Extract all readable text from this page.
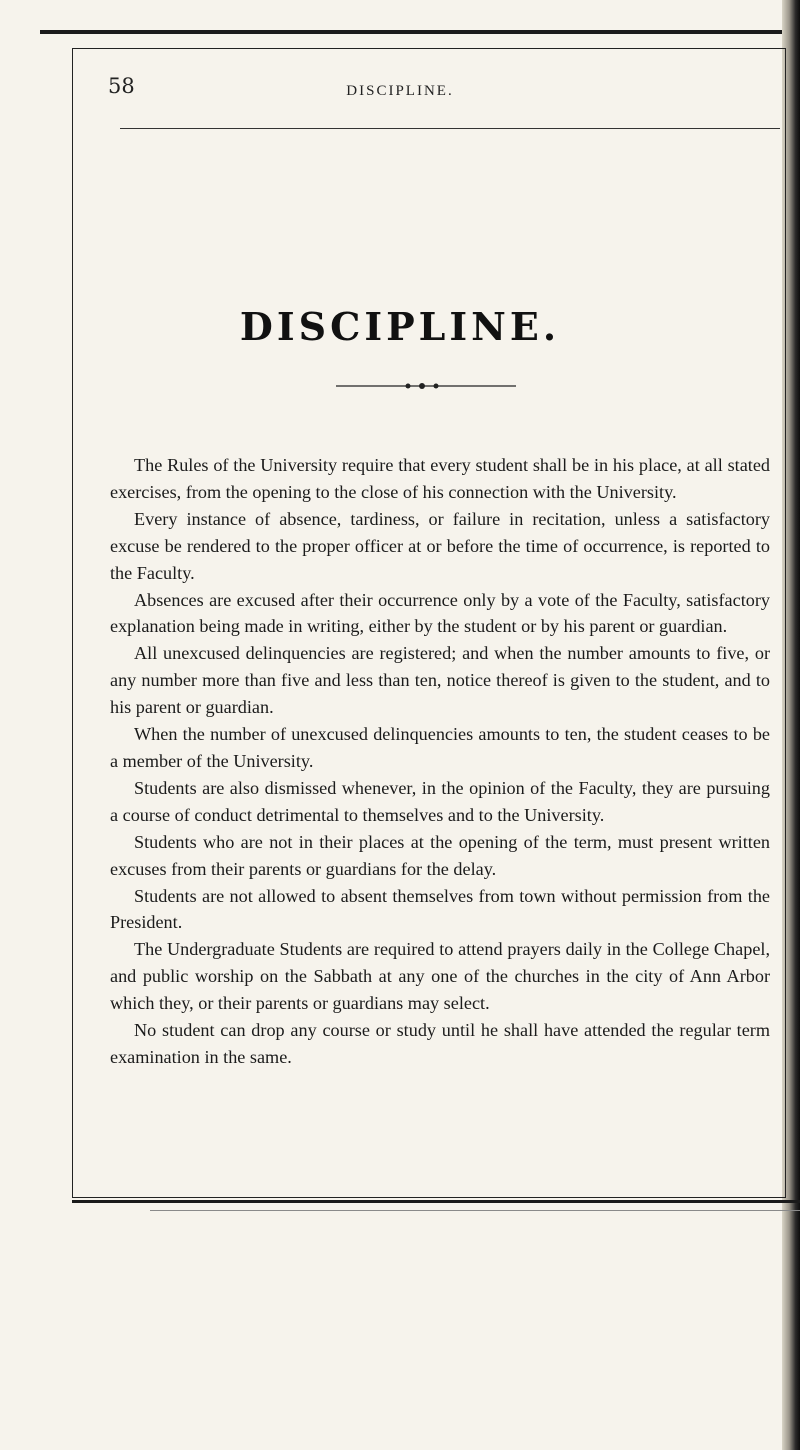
58	DISCIPLINE.
DISCIPLINE.

The Rules of the University require that every student shall be in his place, at all stated exercises, from the opening to the close of his connection with the University.

Every instance of absence, tardiness, or failure in recitation, unless a satisfactory excuse be rendered to the proper officer at or before the time of occurrence, is reported to the Faculty.

Absences are excused after their occurrence only by a vote of the Faculty, satisfactory explanation being made in writing, either by the student or by his parent or guardian.

All unexcused delinquencies are registered; and when the number amounts to five, or any number more than five and less than ten, notice thereof is given to the student, and to his parent or guardian.

When the number of unexcused delinquencies amounts to ten, the student ceases to be a member of the University.

Students are also dismissed whenever, in the opinion of the Faculty, they are pursuing a course of conduct detrimental to themselves and to the University.

Students who are not in their places at the opening of the term, must present written excuses from their parents or guardians for the delay.

Students are not allowed to absent themselves from town without permission from the President.

The Undergraduate Students are required to attend prayers daily in the College Chapel, and public worship on the Sabbath at any one of the churches in the city of Ann Arbor which they, or their parents or guardians may select.

No student can drop any course or study until he shall have attended the regular term examination in the same.
